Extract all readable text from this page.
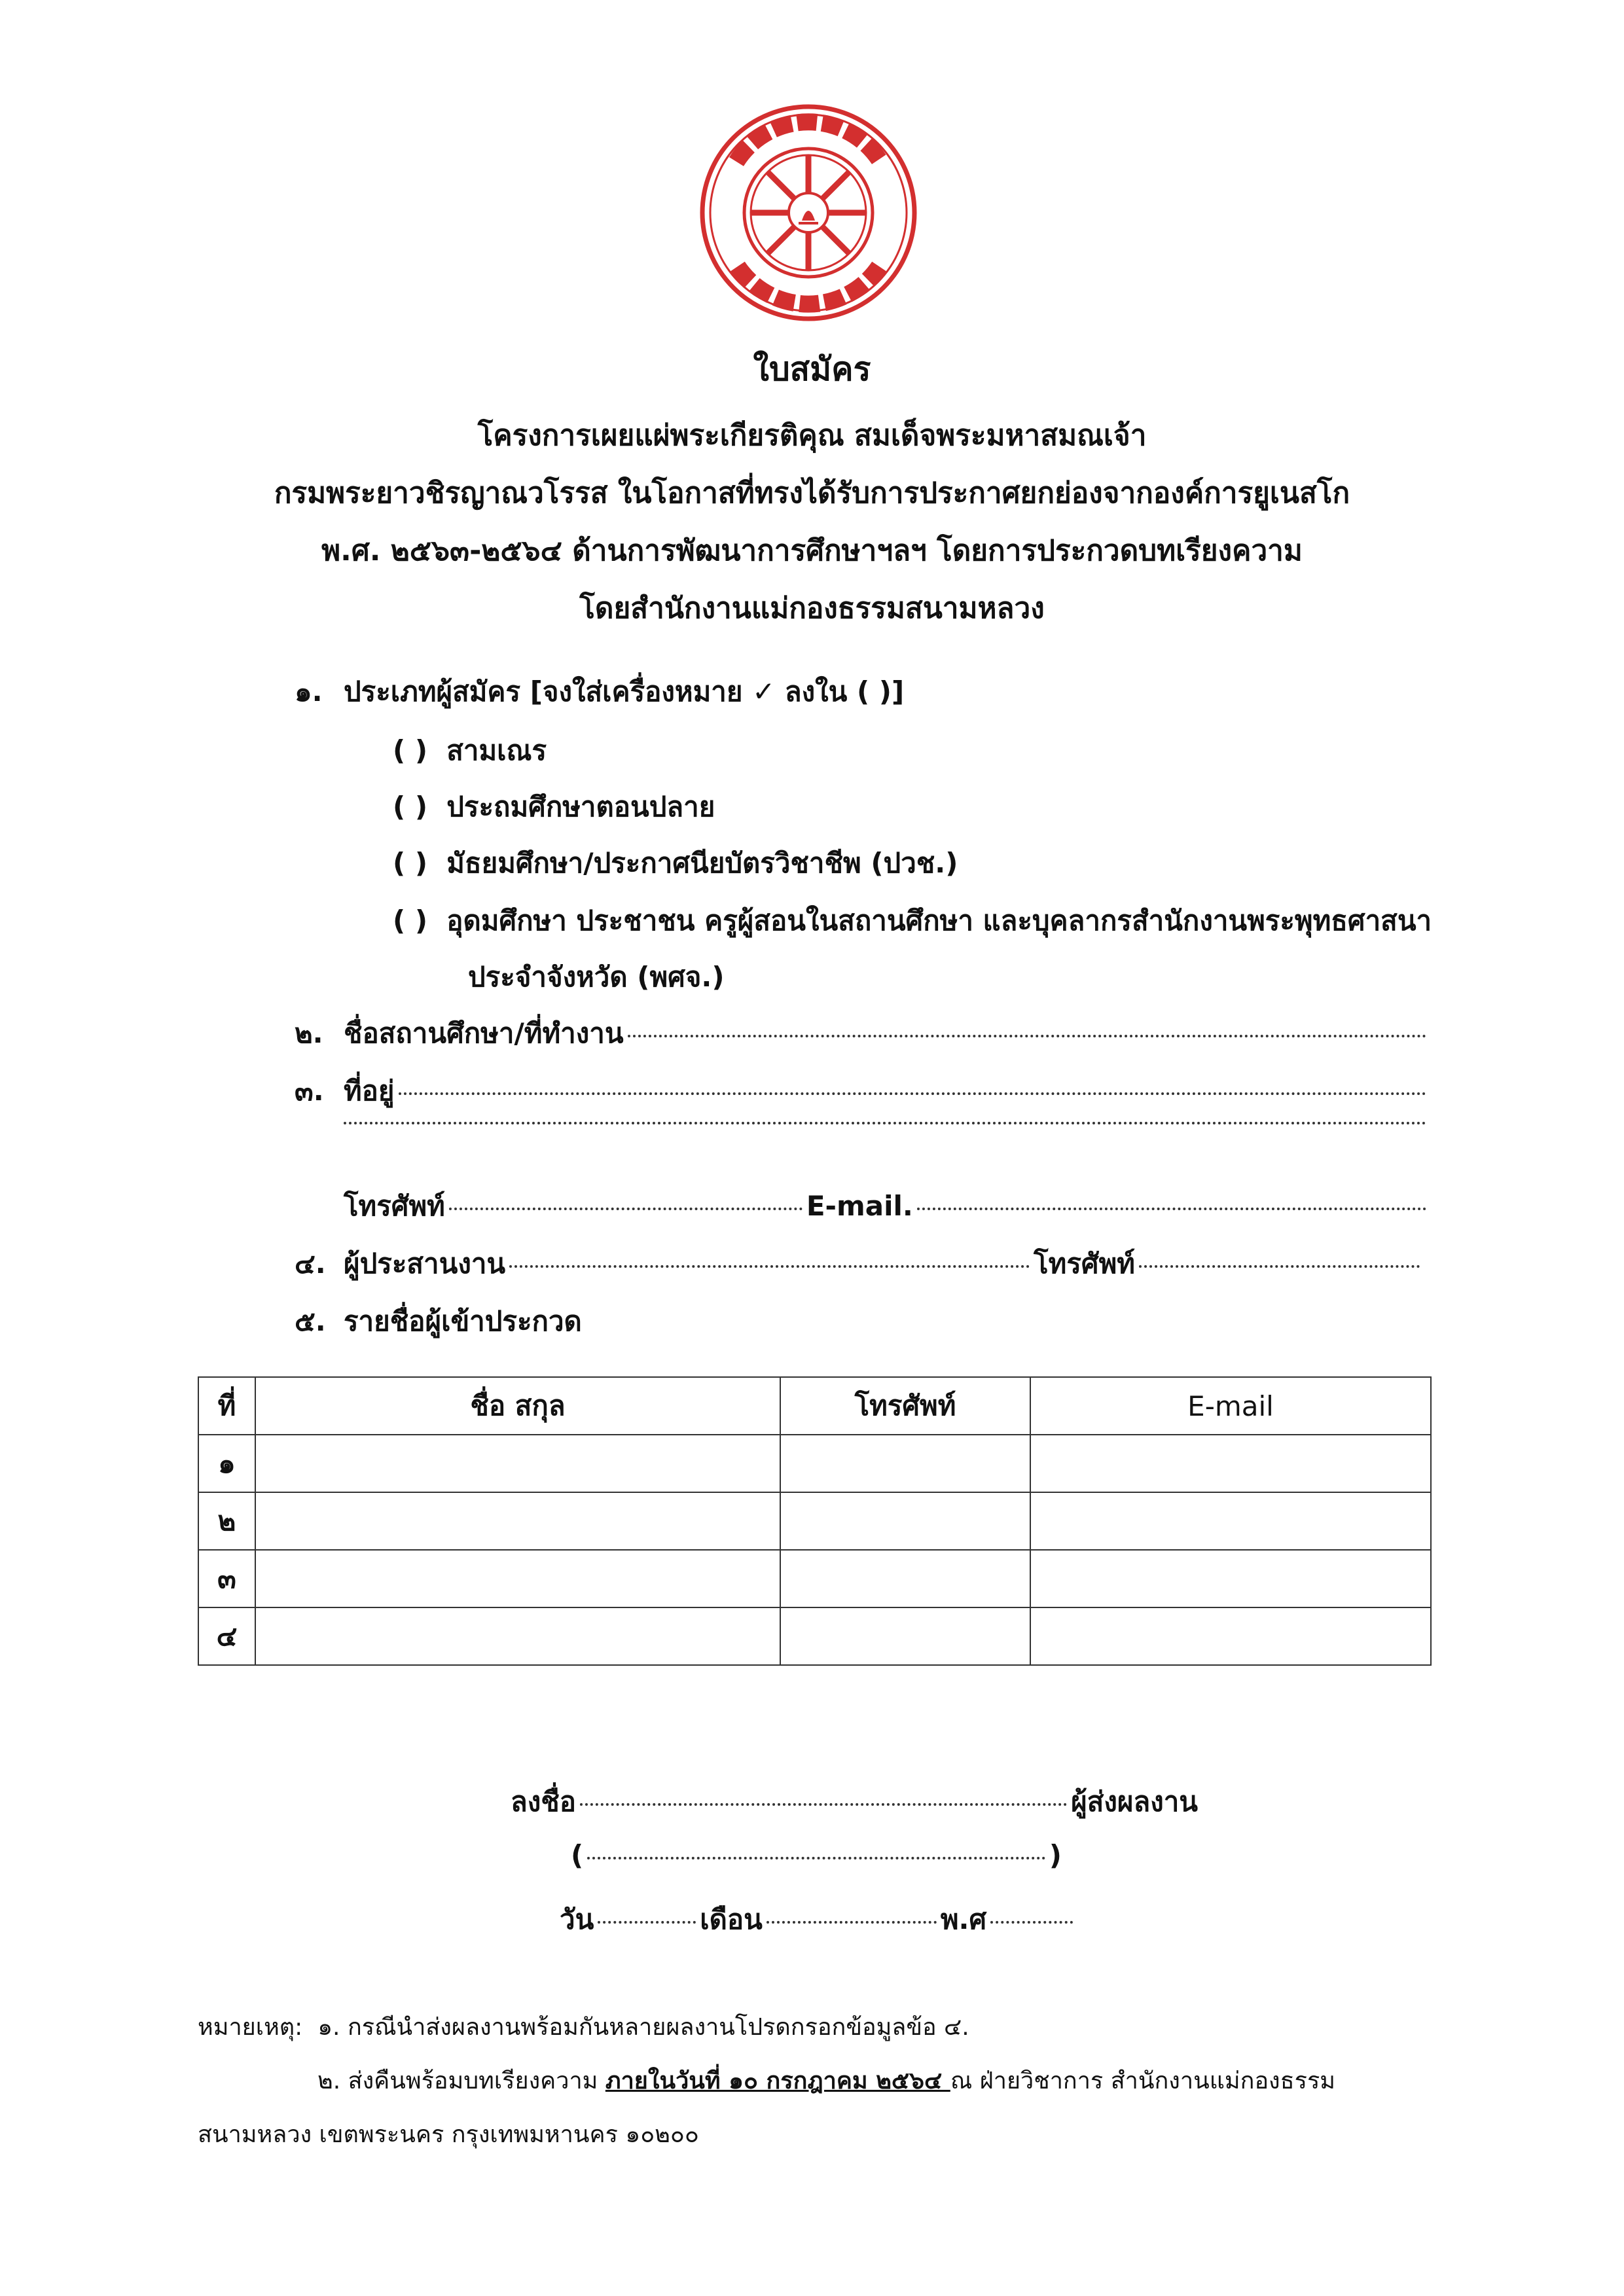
ใบสมัคร

โครงการเผยแผ่พระเกียรติคุณ สมเด็จพระมหาสมณเจ้า

กรมพระยาวชิรญาณวโรรส ในโอกาสที่ทรงได้รับการประกาศยกย่องจากองค์การยูเนสโก

พ.ศ. ๒๕๖๓-๒๕๖๔ ด้านการพัฒนาการศึกษาฯลฯ โดยการประกวดบทเรียงความ

โดยสำนักงานแม่กองธรรมสนามหลวง

๑. ประเภทผู้สมัคร [จงใส่เครื่องหมาย ✓ ลงใน ( )]

( ) สามเณร

( ) ประถมศึกษาตอนปลาย

( ) มัธยมศึกษา/ประกาศนียบัตรวิชาชีพ (ปวช.)

( ) อุดมศึกษา ประชาชน ครูผู้สอนในสถานศึกษา และบุคลากรสำนักงานพระพุทธศาสนา

ประจำจังหวัด (พศจ.)

๒. ชื่อสถานศึกษา/ที่ทำงาน
๓. ที่อยู่
โทรศัพท์	E-mail.
๔. ผู้ประสานงาน	โทรศัพท์

๕. รายชื่อผู้เข้าประกวด

ที่	ชื่อ สกุล	โทรศัพท์	E-mail
๑			
๒			
๓			
๔			
ลงชื่อ	ผู้ส่งผลงาน
(	)
วัน	เดือน	พ.ศ

หมายเหตุ: ๑. กรณีนำส่งผลงานพร้อมกันหลายผลงานโปรดกรอกข้อมูลข้อ ๔.

๒. ส่งคืนพร้อมบทเรียงความ ภายในวันที่ ๑๐ กรกฎาคม ๒๕๖๔ ณ ฝ่ายวิชาการ สำนักงานแม่กองธรรม

สนามหลวง เขตพระนคร กรุงเทพมหานคร ๑๐๒๐๐
